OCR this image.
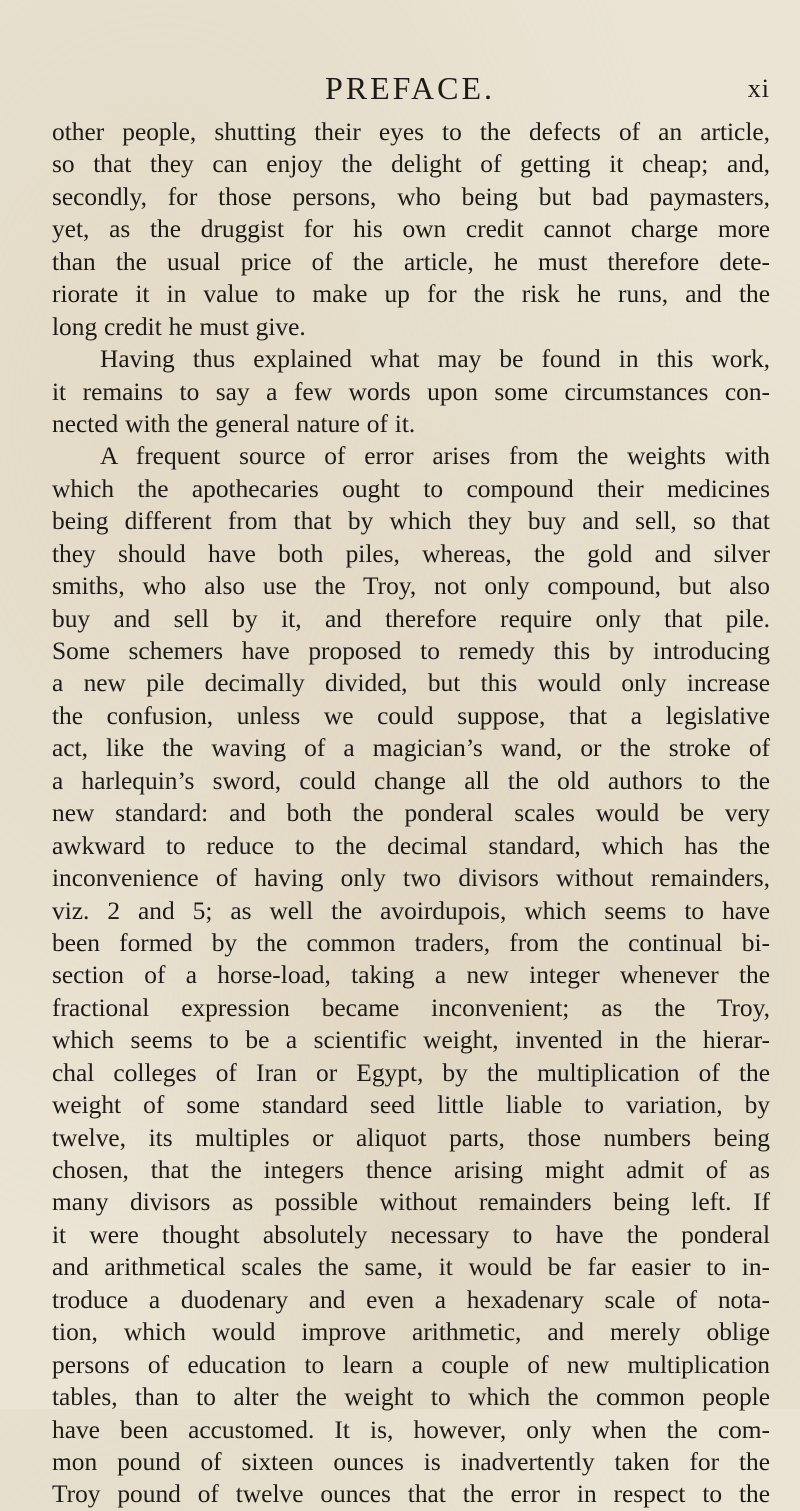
PREFACE.	xi
other people, shutting their eyes to the defects of an article,
so that they can enjoy the delight of getting it cheap; and,
secondly, for those persons, who being but bad paymasters,
yet, as the druggist for his own credit cannot charge more
than the usual price of the article, he must therefore dete-
riorate it in value to make up for the risk he runs, and the
long credit he must give.
Having thus explained what may be found in this work,
it remains to say a few words upon some circumstances con-
nected with the general nature of it.
A frequent source of error arises from the weights with
which the apothecaries ought to compound their medicines
being different from that by which they buy and sell, so that
they should have both piles, whereas, the gold and silver
smiths, who also use the Troy, not only compound, but also
buy and sell by it, and therefore require only that pile.
Some schemers have proposed to remedy this by introducing
a new pile decimally divided, but this would only increase
the confusion, unless we could suppose, that a legislative
act, like the waving of a magician’s wand, or the stroke of
a harlequin’s sword, could change all the old authors to the
new standard: and both the ponderal scales would be very
awkward to reduce to the decimal standard, which has the
inconvenience of having only two divisors without remainders,
viz. 2 and 5; as well the avoirdupois, which seems to have
been formed by the common traders, from the continual bi-
section of a horse-load, taking a new integer whenever the
fractional expression became inconvenient; as the Troy,
which seems to be a scientific weight, invented in the hierar-
chal colleges of Iran or Egypt, by the multiplication of the
weight of some standard seed little liable to variation, by
twelve, its multiples or aliquot parts, those numbers being
chosen, that the integers thence arising might admit of as
many divisors as possible without remainders being left. If
it were thought absolutely necessary to have the ponderal
and arithmetical scales the same, it would be far easier to in-
troduce a duodenary and even a hexadenary scale of nota-
tion, which would improve arithmetic, and merely oblige
persons of education to learn a couple of new multiplication
tables, than to alter the weight to which the common people
have been accustomed. It is, however, only when the com-
mon pound of sixteen ounces is inadvertently taken for the
Troy pound of twelve ounces that the error in respect to the
